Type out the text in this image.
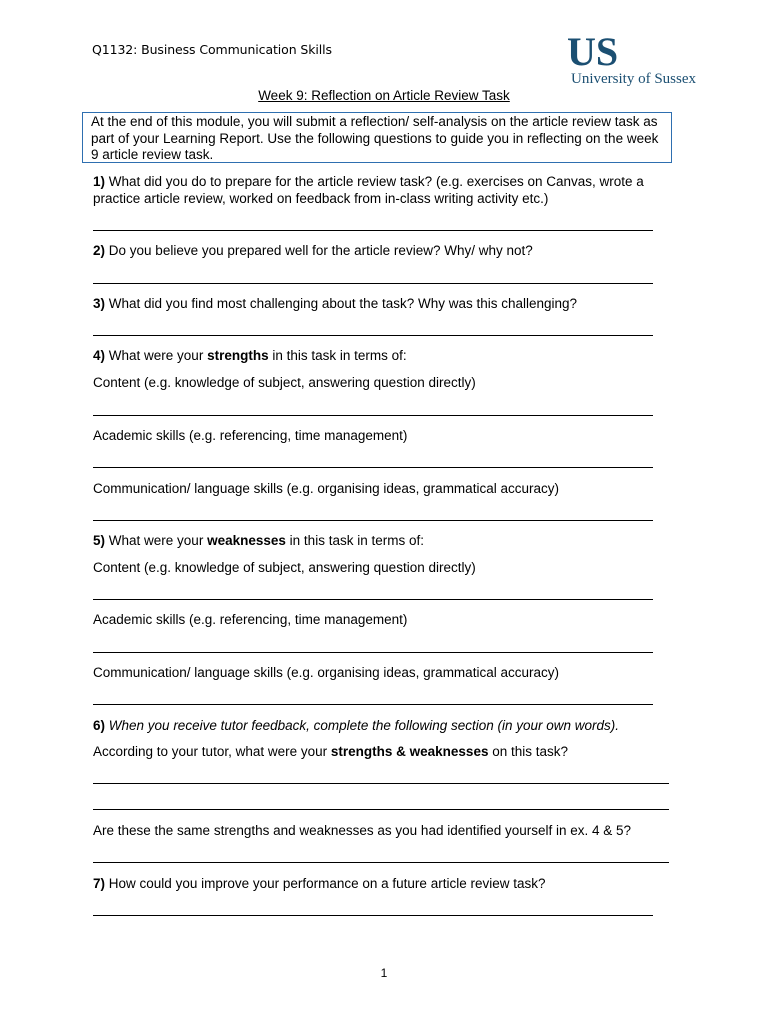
Q1132: Business Communication Skills	US
University of Sussex
Week 9: Reflection on Article Review Task
At the end of this module, you will submit a reflection/ self-analysis on the article review task as part of your Learning Report. Use the following questions to guide you in reflecting on the week 9 article review task.
1) What did you do to prepare for the article review task? (e.g. exercises on Canvas, wrote a practice article review, worked on feedback from in-class writing activity etc.)
2) Do you believe you prepared well for the article review? Why/ why not?
3) What did you find most challenging about the task? Why was this challenging?
4) What were your strengths in this task in terms of:
Content (e.g. knowledge of subject, answering question directly)
Academic skills (e.g. referencing, time management)
Communication/ language skills (e.g. organising ideas, grammatical accuracy)
5) What were your weaknesses in this task in terms of:
Content (e.g. knowledge of subject, answering question directly)
Academic skills (e.g. referencing, time management)
Communication/ language skills (e.g. organising ideas, grammatical accuracy)
6) When you receive tutor feedback, complete the following section (in your own words).
According to your tutor, what were your strengths & weaknesses on this task?
Are these the same strengths and weaknesses as you had identified yourself in ex. 4 & 5?
7) How could you improve your performance on a future article review task?
1
